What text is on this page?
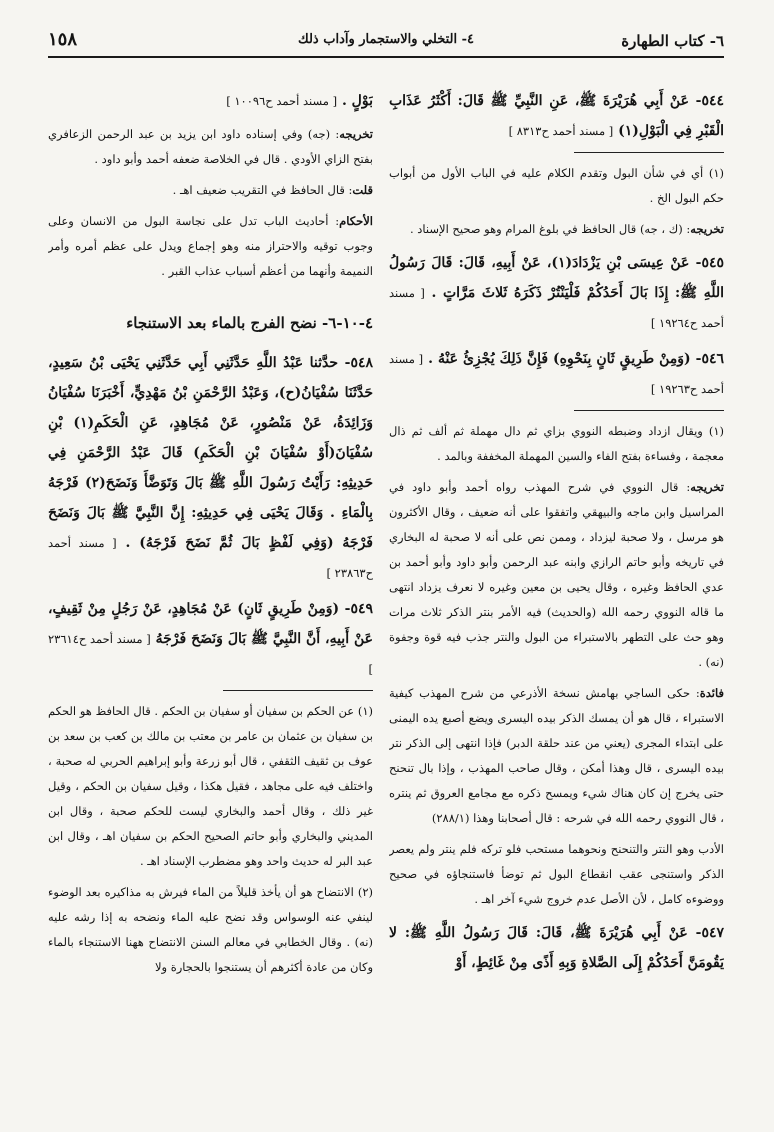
٦- كتاب الطهارة
٤- التخلي والاستجمار وآداب ذلك
١٥٨

٥٤٤- عَنْ أَبِي هُرَيْرَةَ ﷺ، عَنِ النَّبِيِّ ﷺ قَالَ: أَكْثَرُ عَذَابِ الْقَبْرِ فِي الْبَوْلِ(١) [ مسند أحمد ح٨٣١٣ ]

(١) أي في شأن البول وتقدم الكلام عليه في الباب الأول من أبواب حكم البول الخ .

تخريجه: (ك ، جه) قال الحافظ في بلوغ المرام وهو صحيح الإسناد .

٥٤٥- عَنْ عِيسَى بْنِ يَزْدَادَ(١)، عَنْ أَبِيهِ، قَالَ: قَالَ رَسُولُ اللَّهِ ﷺ: إِذَا بَالَ أَحَدُكُمْ فَلْيَنْتُرْ ذَكَرَهُ ثَلاثَ مَرَّاتٍ . [ مسند أحمد ح١٩٢٦٤ ]

٥٤٦- (وَمِنْ طَرِيقٍ ثَانٍ بِنَحْوِهِ) فَإِنَّ ذَلِكَ يُجْزِئُ عَنْهُ . [ مسند أحمد ح١٩٢٦٣ ]

(١) ويقال ازداد وضبطه النووي بزاي ثم دال مهملة ثم ألف ثم ذال معجمة ، وفساءة بفتح الفاء والسين المهملة المخففة وبالمد .

تخريجه: قال النووي في شرح المهذب رواه أحمد وأبو داود في المراسيل وابن ماجه والبيهقي واتفقوا على أنه ضعيف ، وقال الأكثرون هو مرسل ، ولا صحبة ليزداد ، وممن نص على أنه لا صحبة له البخاري في تاريخه وأبو حاتم الرازي وابنه عبد الرحمن وأبو داود وأبو أحمد بن عدي الحافظ وغيره ، وقال يحيى بن معين وغيره لا نعرف يزداد انتهى ما قاله النووي رحمه الله (والحديث) فيه الأمر بنتر الذكر ثلاث مرات وهو حث على التطهر بالاستبراء من البول والنتر جذب فيه قوة وجفوة (نه) .

فائدة: حكى الساجي بهامش نسخة الأذرعي من شرح المهذب كيفية الاستبراء ، قال هو أن يمسك الذكر بيده اليسرى ويضع أصبع يده اليمنى على ابتداء المجرى (يعني من عند حلقة الدبر) فإذا انتهى إلى الذكر نتر بيده اليسرى ، قال وهذا أمكن ، وقال صاحب المهذب ، وإذا بال تنحنح حتى يخرج إن كان هناك شيء ويمسح ذكره مع مجامع العروق ثم ينتره ، قال النووي رحمه الله في شرحه : قال أصحابنا وهذا (٢٨٨/١)

الأدب وهو النتر والتنحنح ونحوهما مستحب فلو تركه فلم ينتر ولم يعصر الذكر واستنجى عقب انقطاع البول ثم توضأ فاستنجاؤه في صحيح ووضوءه كامل ، لأن الأصل عدم خروج شيء آخر اهـ .

٥٤٧- عَنْ أَبِي هُرَيْرَةَ ﷺ، قَالَ: قَالَ رَسُولُ اللَّهِ ﷺ: لا يَقُومَنَّ أَحَدُكُمْ إِلَى الصَّلاةِ وَبِهِ أَذًى مِنْ غَائِطٍ، أَوْ

بَوْلٍ . [ مسند أحمد ح١٠٠٩٦ ]

تخريجه: (جه) وفي إسناده داود ابن يزيد بن عبد الرحمن الزعافري بفتح الزاي الأودي . قال في الخلاصة ضعفه أحمد وأبو داود .

قلت: قال الحافظ في التقريب ضعيف اهـ .

الأحكام: أحاديث الباب تدل على نجاسة البول من الانسان وعلى وجوب توقيه والاحتراز منه وهو إجماع ويدل على عظم أمره وأمر النميمة وأنهما من أعظم أسباب عذاب القبر .

٤-١٠-٦- نضح الفرج بالماء بعد الاستنجاء

٥٤٨- حدَّثنا عَبْدُ اللَّهِ حَدَّثَنِي أَبِي حَدَّثَنِي يَحْيَى بْنُ سَعِيدٍ، حَدَّثَنَا سُفْيَانُ(ح)، وَعَبْدُ الرَّحْمَنِ بْنُ مَهْدِيٍّ، أَخْبَرَنَا سُفْيَانُ وَزَائِدَةُ، عَنْ مَنْصُورٍ، عَنْ مُجَاهِدٍ، عَنِ الْحَكَمِ(١) بْنِ سُفْيَانَ(أَوْ سُفْيَانَ بْنِ الْحَكَمِ) قَالَ عَبْدُ الرَّحْمَنِ فِي حَدِيثِهِ: رَأَيْتُ رَسُولَ اللَّهِ ﷺ بَالَ وَتَوَضَّأَ وَنَضَحَ(٢) فَرْجَهُ بِالْمَاءِ . وَقَالَ يَحْيَى فِي حَدِيثِهِ: إِنَّ النَّبِيَّ ﷺ بَالَ وَنَضَحَ فَرْجَهُ (وَفِي لَفْظٍ بَالَ ثُمَّ نَضَحَ فَرْجَهُ) . [ مسند أحمد ح٢٣٨٦٣ ]

٥٤٩- (وَمِنْ طَرِيقٍ ثَانٍ) عَنْ مُجَاهِدٍ، عَنْ رَجُلٍ مِنْ ثَقِيفٍ، عَنْ أَبِيهِ، أَنَّ النَّبِيَّ ﷺ بَالَ وَنَضَحَ فَرْجَهُ [ مسند أحمد ح٢٣٦١٤ ]

(١) عن الحكم بن سفيان أو سفيان بن الحكم . قال الحافظ هو الحكم بن سفيان بن عثمان بن عامر بن معتب بن مالك بن كعب بن سعد بن عوف بن ثقيف الثقفي ، قال أبو زرعة وأبو إبراهيم الحربي له صحبة ، واختلف فيه على مجاهد ، فقيل هكذا ، وقيل سفيان بن الحكم ، وقيل غير ذلك ، وقال أحمد والبخاري ليست للحكم صحبة ، وقال ابن المديني والبخاري وأبو حاتم الصحيح الحكم بن سفيان اهـ ، وقال ابن عبد البر له حديث واحد وهو مضطرب الإسناد اهـ .

(٢) الانتضاح هو أن يأخذ قليلاً من الماء فيرش به مذاكيره بعد الوضوء لينفي عنه الوسواس وقد نضح عليه الماء ونضحه به إذا رشه عليه (نه) . وقال الخطابي في معالم السنن الانتضاح ههنا الاستنجاء بالماء وكان من عادة أكثرهم أن يستنجوا بالحجارة ولا
